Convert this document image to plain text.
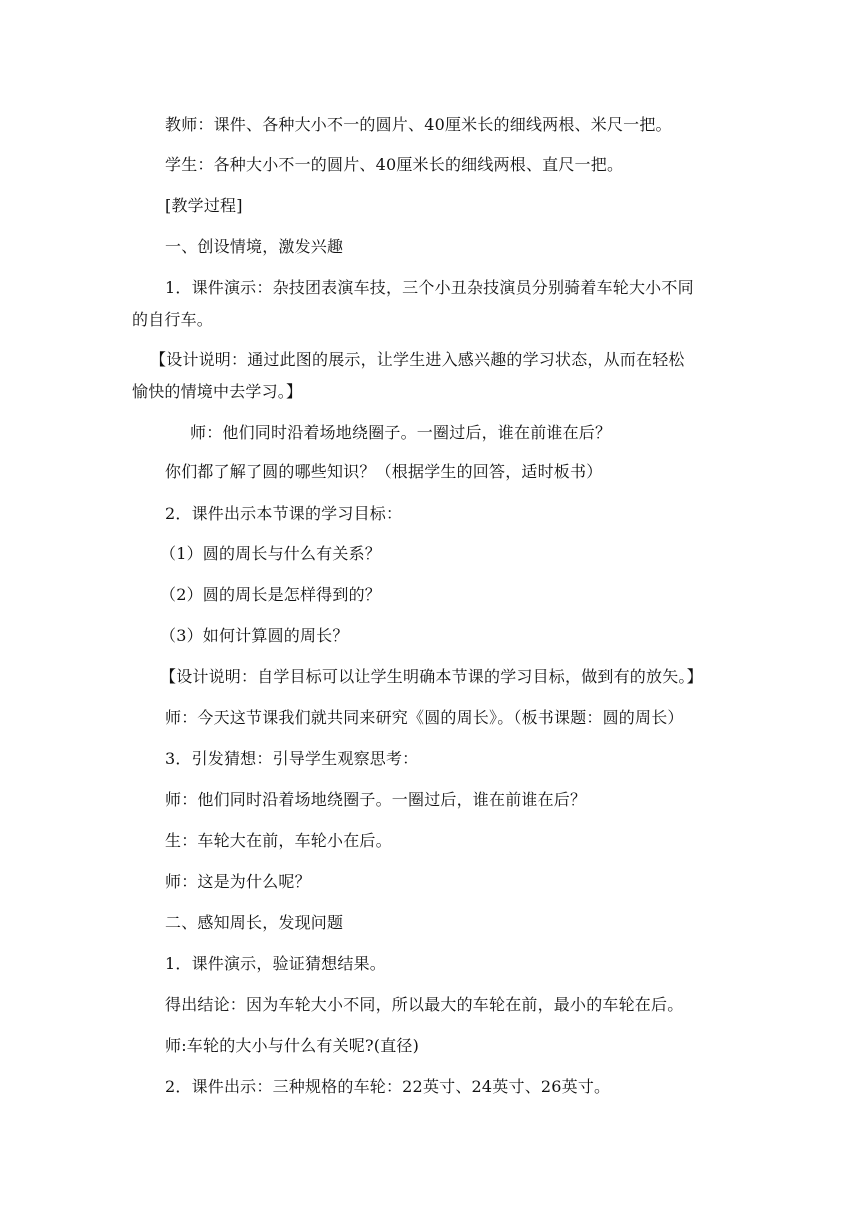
教师：课件、各种大小不一的圆片、40厘米长的细线两根、米尺一把。
学生：各种大小不一的圆片、40厘米长的细线两根、直尺一把。
[教学过程]
一、创设情境，激发兴趣
1．课件演示：杂技团表演车技，三个小丑杂技演员分别骑着车轮大小不同
的自行车。
【设计说明：通过此图的展示，让学生进入感兴趣的学习状态，从而在轻松
愉快的情境中去学习。】
师：他们同时沿着场地绕圈子。一圈过后，谁在前谁在后？
你们都了解了圆的哪些知识？（根据学生的回答，适时板书）
2．课件出示本节课的学习目标：
（1）圆的周长与什么有关系？
（2）圆的周长是怎样得到的？
（3）如何计算圆的周长？
【设计说明：自学目标可以让学生明确本节课的学习目标，做到有的放矢。】
师：今天这节课我们就共同来研究《圆的周长》。（板书课题：圆的周长）
3．引发猜想：引导学生观察思考：
师：他们同时沿着场地绕圈子。一圈过后，谁在前谁在后？
生：车轮大在前，车轮小在后。
师：这是为什么呢？
二、感知周长，发现问题
1．课件演示，验证猜想结果。
得出结论：因为车轮大小不同，所以最大的车轮在前，最小的车轮在后。
师:车轮的大小与什么有关呢?(直径)
2．课件出示：三种规格的车轮：22英寸、24英寸、26英寸。
